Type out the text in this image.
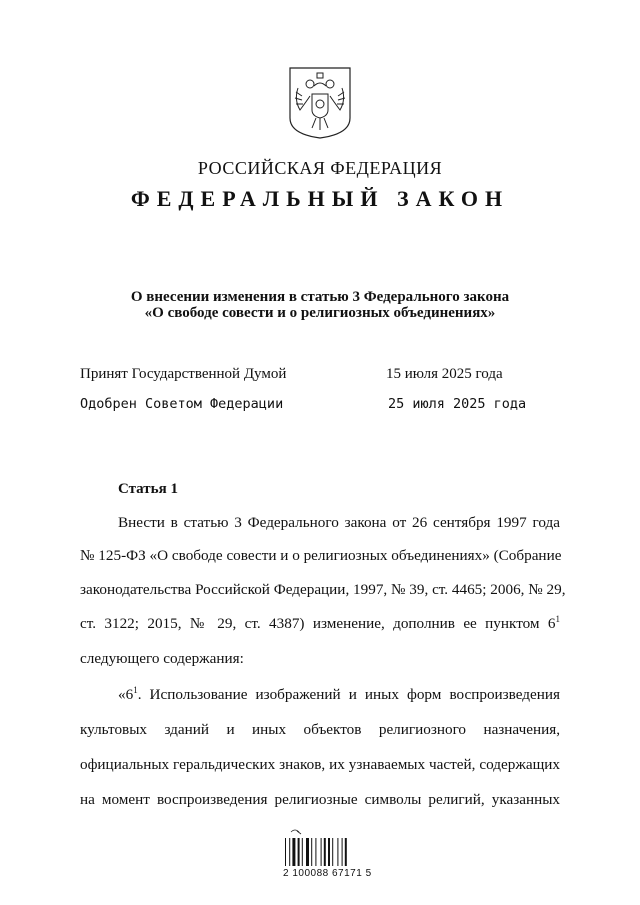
РОССИЙСКАЯ ФЕДЕРАЦИЯ
ФЕДЕРАЛЬНЫЙ ЗАКОН
О внесении изменения в статью 3 Федерального закона
«О свободе совести и о религиозных объединениях»
Принят Государственной Думой	15 июля 2025 года
Одобрен Советом Федерации	25 июля 2025 года
Статья 1
Внести в статью 3 Федерального закона от 26 сентября 1997 года
№ 125-ФЗ «О свободе совести и о религиозных объединениях» (Собрание
законодательства Российской Федерации, 1997, № 39, ст. 4465; 2006, № 29,
ст. 3122; 2015, № 29, ст. 4387) изменение, дополнив ее пунктом $6^1$
следующего содержания:
«$6^1$. Использование изображений и иных форм воспроизведения
культовых зданий и иных объектов религиозного назначения,
официальных геральдических знаков, их узнаваемых частей, содержащих
на момент воспроизведения религиозные символы религий, указанных
2 100088 67171 5
